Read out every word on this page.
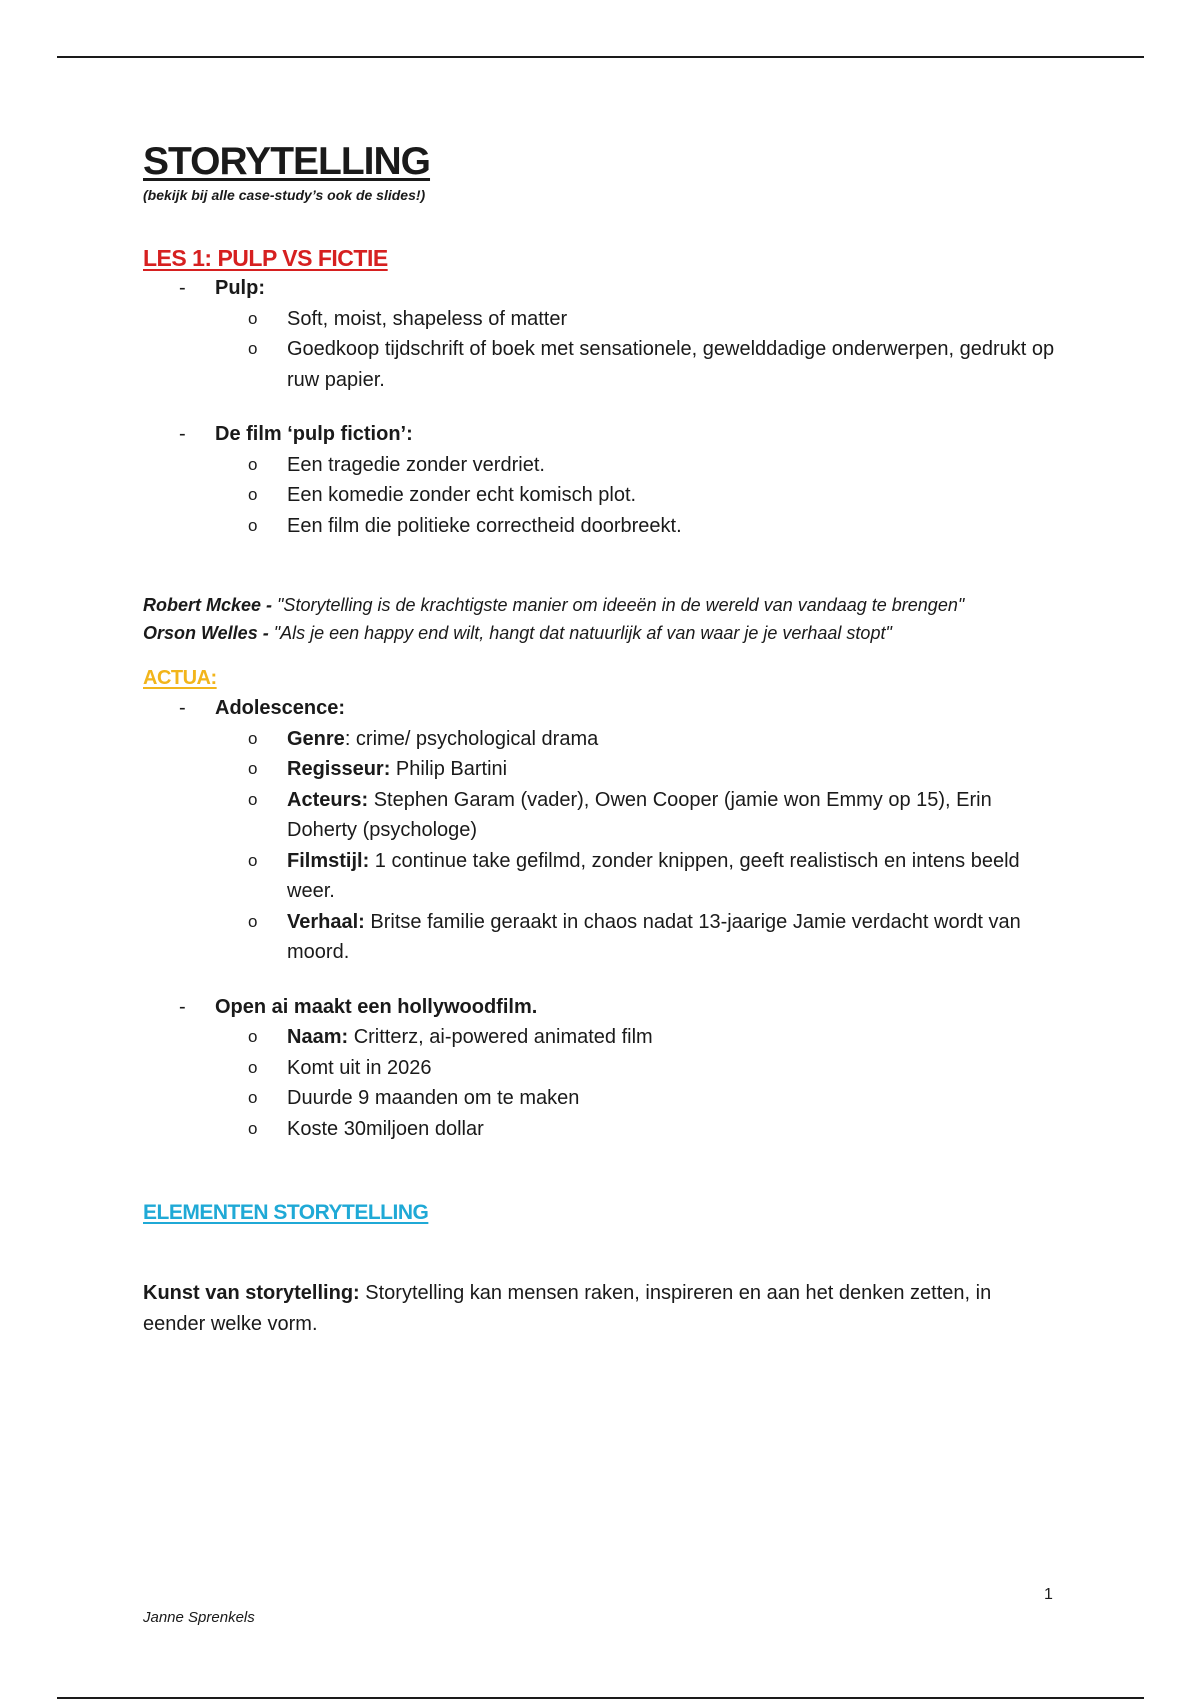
STORYTELLING

(bekijk bij alle case-study’s ook de slides!)

LES 1: PULP VS FICTIE
- Pulp:
o Soft, moist, shapeless of matter
o Goedkoop tijdschrift of boek met sensationele, gewelddadige onderwerpen, gedrukt op ruw papier.
- De film ‘pulp fiction’:
o Een tragedie zonder verdriet.
o Een komedie zonder echt komisch plot.
o Een film die politieke correctheid doorbreekt.
Robert Mckee - "Storytelling is de krachtigste manier om ideeën in de wereld van vandaag te brengen"
Orson Welles - "Als je een happy end wilt, hangt dat natuurlijk af van waar je je verhaal stopt"
ACTUA:
- Adolescence:
o Genre: crime/ psychological drama
o Regisseur: Philip Bartini
o Acteurs: Stephen Garam (vader), Owen Cooper (jamie won Emmy op 15), Erin Doherty (psychologe)
o Filmstijl: 1 continue take gefilmd, zonder knippen, geeft realistisch en intens beeld weer.
o Verhaal: Britse familie geraakt in chaos nadat 13-jaarige Jamie verdacht wordt van moord.
- Open ai maakt een hollywoodfilm.
o Naam: Critterz, ai-powered animated film
o Komt uit in 2026
o Duurde 9 maanden om te maken
o Koste 30miljoen dollar
ELEMENTEN STORYTELLING

Kunst van storytelling: Storytelling kan mensen raken, inspireren en aan het denken zetten, in eender welke vorm.

1
Janne Sprenkels
